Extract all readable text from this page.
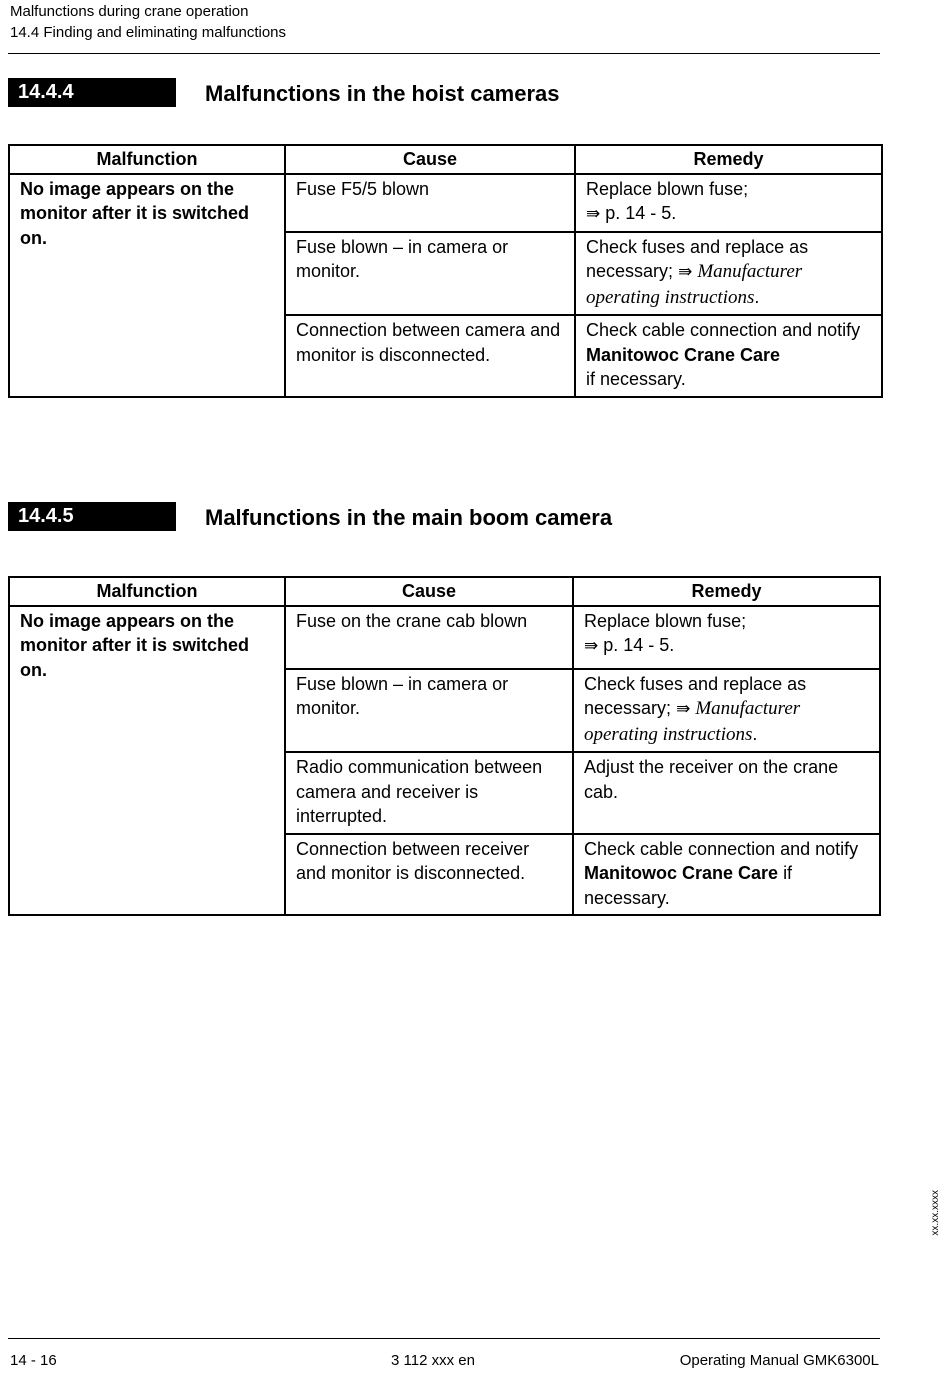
Malfunctions during crane operation
14.4 Finding and eliminating malfunctions
14.4.4	Malfunctions in the hoist cameras
Malfunction	Cause	Remedy
No image appears on the monitor after it is switched on.	Fuse F5/5 blown	Replace blown fuse;
⇛ p. 14 - 5.
	Fuse blown – in camera or monitor.	Check fuses and replace as necessary; ⇛ Manufacturer operating instructions.
	Connection between camera and monitor is disconnected.	Check cable connection and notify Manitowoc Crane Care
if necessary.
14.4.5	Malfunctions in the main boom camera
Malfunction	Cause	Remedy
No image appears on the monitor after it is switched on.	Fuse on the crane cab blown	Replace blown fuse;
⇛ p. 14 - 5.
	Fuse blown – in camera or monitor.	Check fuses and replace as necessary; ⇛ Manufacturer operating instructions.
	Radio communication between camera and receiver is interrupted.	Adjust the receiver on the crane cab.
	Connection between receiver and monitor is disconnected.	Check cable connection and notify Manitowoc Crane Care if necessary.
xx.xx.xxxx
14 - 16	3 112 xxx en	Operating Manual GMK6300L
